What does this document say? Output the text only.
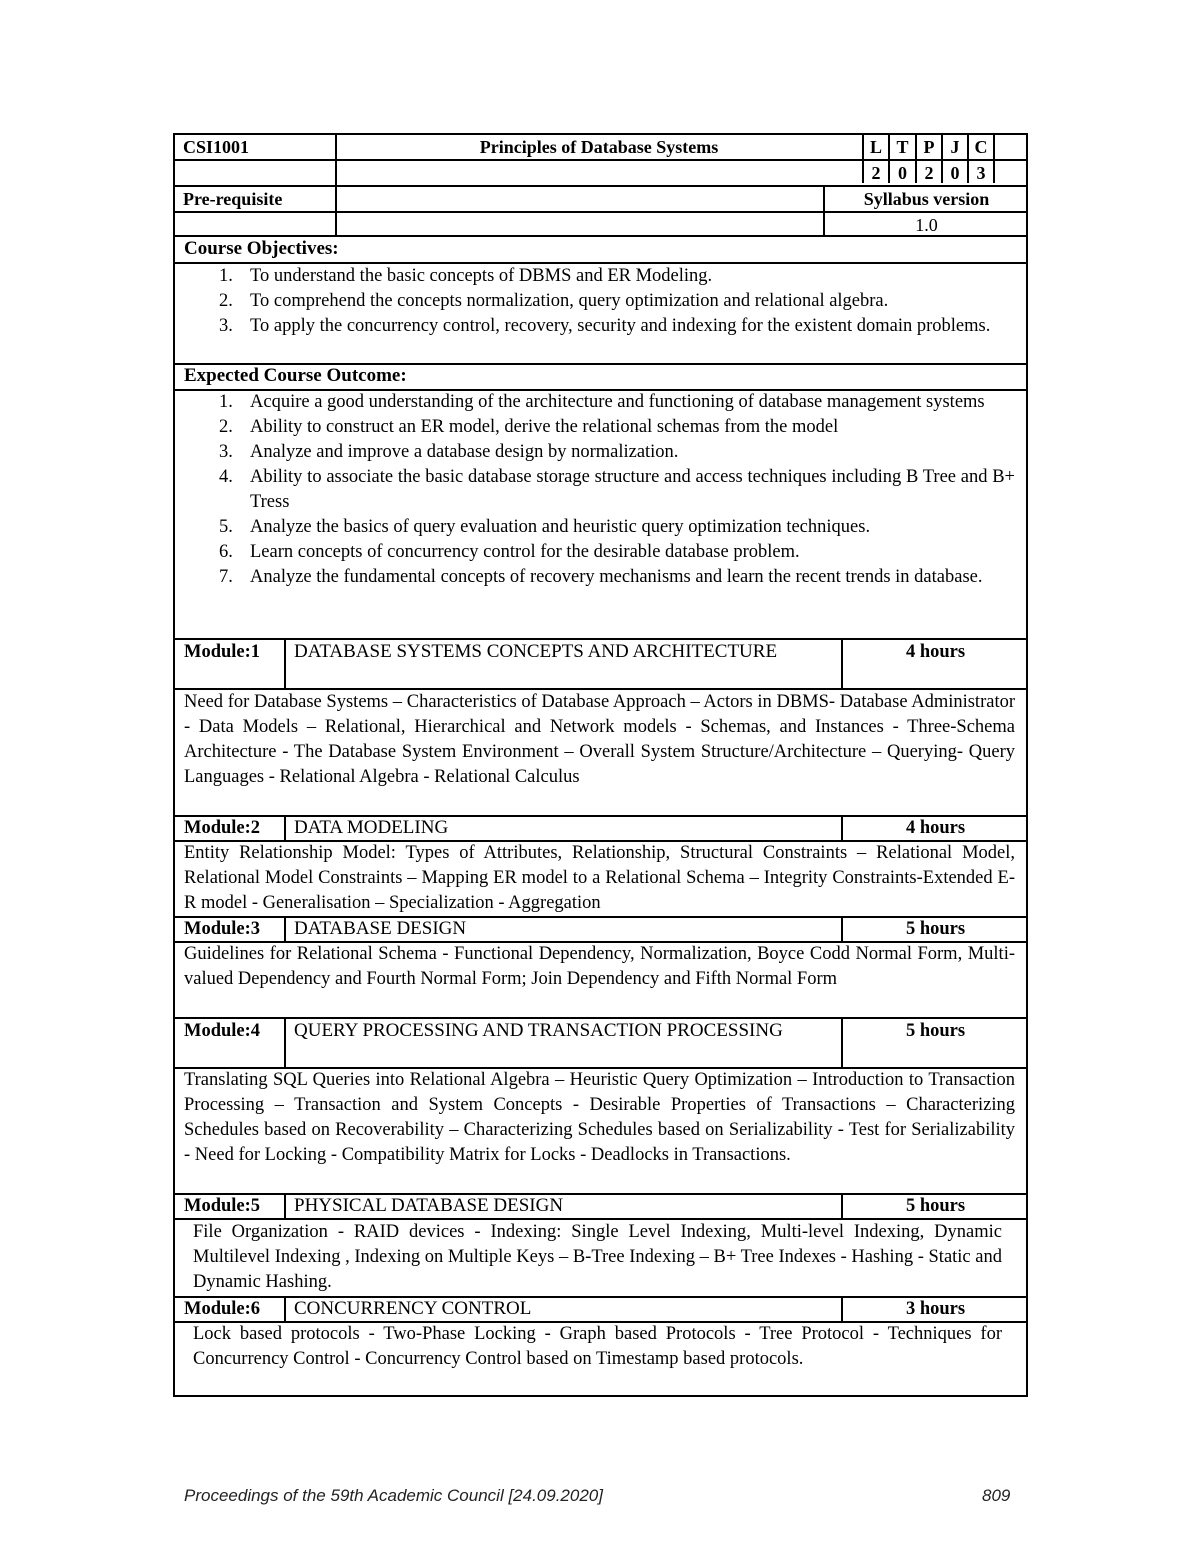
CSI1001	Principles of Database Systems	L T P J C
2 0 2 0 3
Pre-requisite	Syllabus version
1.0
Course Objectives:
1. To understand the basic concepts of DBMS and ER Modeling.
2. To comprehend the concepts normalization, query optimization and relational algebra.
3. To apply the concurrency control, recovery, security and indexing for the existent domain problems.
Expected Course Outcome:
1. Acquire a good understanding of the architecture and functioning of database management systems
2. Ability to construct an ER model, derive the relational schemas from the model
3. Analyze and improve a database design by normalization.
4. Ability to associate the basic database storage structure and access techniques including B Tree and B+ Tress
5. Analyze the basics of query evaluation and heuristic query optimization techniques.
6. Learn concepts of concurrency control for the desirable database problem.
7. Analyze the fundamental concepts of recovery mechanisms and learn the recent trends in database.
Module:1 DATABASE SYSTEMS CONCEPTS AND ARCHITECTURE	4 hours
Need for Database Systems – Characteristics of Database Approach – Actors in DBMS- Database Administrator - Data Models – Relational, Hierarchical and Network models - Schemas, and Instances - Three-Schema Architecture - The Database System Environment – Overall System Structure/Architecture – Querying- Query Languages - Relational Algebra - Relational Calculus
Module:2 DATA MODELING	4 hours
Entity Relationship Model: Types of Attributes, Relationship, Structural Constraints – Relational Model, Relational Model Constraints – Mapping ER model to a Relational Schema – Integrity Constraints-Extended E-R model - Generalisation – Specialization - Aggregation
Module:3 DATABASE DESIGN	5 hours
Guidelines for Relational Schema - Functional Dependency, Normalization, Boyce Codd Normal Form, Multi-valued Dependency and Fourth Normal Form; Join Dependency and Fifth Normal Form
Module:4 QUERY PROCESSING AND TRANSACTION PROCESSING	5 hours
Translating SQL Queries into Relational Algebra – Heuristic Query Optimization – Introduction to Transaction Processing – Transaction and System Concepts - Desirable Properties of Transactions – Characterizing Schedules based on Recoverability – Characterizing Schedules based on Serializability - Test for Serializability - Need for Locking - Compatibility Matrix for Locks - Deadlocks in Transactions.
Module:5 PHYSICAL DATABASE DESIGN	5 hours
File Organization - RAID devices - Indexing: Single Level Indexing, Multi-level Indexing, Dynamic Multilevel Indexing , Indexing on Multiple Keys – B-Tree Indexing – B+ Tree Indexes - Hashing - Static and Dynamic Hashing.
Module:6 CONCURRENCY CONTROL	3 hours
Lock based protocols - Two-Phase Locking - Graph based Protocols - Tree Protocol - Techniques for Concurrency Control - Concurrency Control based on Timestamp based protocols.
Proceedings of the 59th Academic Council [24.09.2020]	809
